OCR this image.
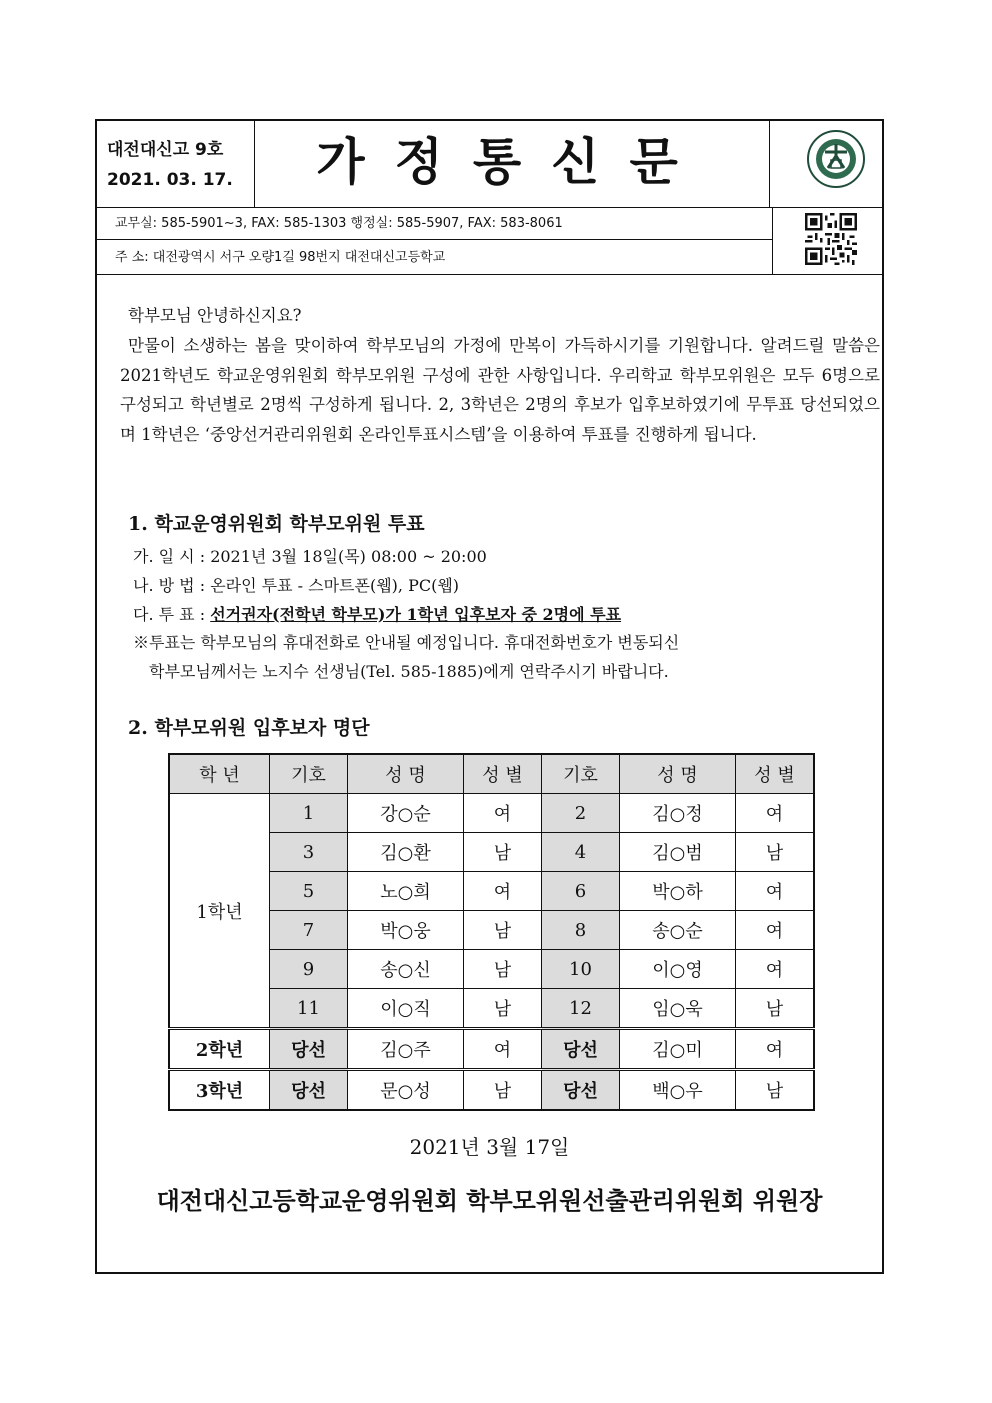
대전대신고 9호
2021. 03. 17.	가정통신문
교무실: 585-5901~3, FAX: 585-1303 행정실: 585-5907, FAX: 583-8061
주 소: 대전광역시 서구 오량1길 98번지 대전대신고등학교

학부모님 안녕하신지요?

만물이 소생하는 봄을 맞이하여 학부모님의 가정에 만복이 가득하시기를 기원합니다. 알려드릴 말씀은 2021학년도 학교운영위원회 학부모위원 구성에 관한 사항입니다. 우리학교 학부모위원은 모두 6명으로 구성되고 학년별로 2명씩 구성하게 됩니다. 2, 3학년은 2명의 후보가 입후보하였기에 무투표 당선되었으며 1학년은 ‘중앙선거관리위원회 온라인투표시스템’을 이용하여 투표를 진행하게 됩니다.

1. 학교운영위원회 학부모위원 투표

가. 일 시 : 2021년 3월 18일(목) 08:00 ~ 20:00

나. 방 법 : 온라인 투표 - 스마트폰(웹), PC(웹)

다. 투 표 : 선거권자(전학년 학부모)가 1학년 입후보자 중 2명에 투표

※투표는 학부모님의 휴대전화로 안내될 예정입니다. 휴대전화번호가 변동되신

학부모님께서는 노지수 선생님(Tel. 585-1885)에게 연락주시기 바랍니다.

2. 학부모위원 입후보자 명단
학 년	기호	성 명	성 별	기호	성 명	성 별
1학년	1	강○순	여	2	김○정	여
	3	김○환	남	4	김○범	남
	5	노○희	여	6	박○하	여
	7	박○웅	남	8	송○순	여
	9	송○신	남	10	이○영	여
	11	이○직	남	12	임○욱	남
2학년	당선	김○주	여	당선	김○미	여
3학년	당선	문○성	남	당선	백○우	남
2021년 3월 17일
대전대신고등학교운영위원회 학부모위원선출관리위원회 위원장
